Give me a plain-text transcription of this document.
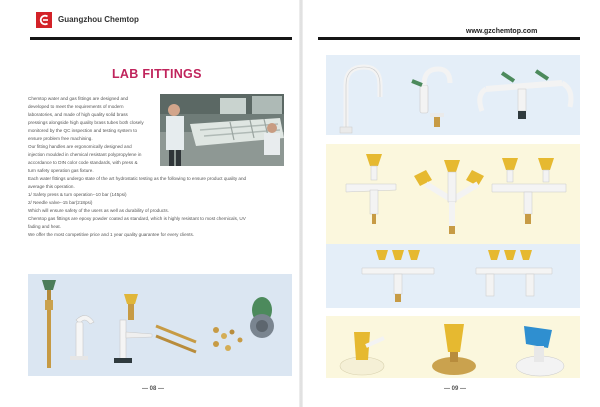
Guangzhou Chemtop
www.gzchemtop.com
LAB FITTINGS
Chemtop water and gas fittings are designed and
developed to meet the requirements of modern
laboratories, and made of high quality solid brass
pressings alongside high quality brass tubes both closely
monitored by the QC inspection and testing system to
ensure problem free machining.
Our fitting handles are ergonomically designed and
injection moulded in chemical resistant polypropylene in
accordance to DIN color code standards, with press &
turn safety operation gas fixture.
Each water fittings undergo state of the art hydrostatic testing as the following to ensure product quality and
average this operation.
1/ Safety press & turn operation--10 bar (145psi)
2/ Needle valve--15 bar(218psi)
Which will ensure safety of the users as well as durability of products.
Chemtop gas fittings are epoxy powder coated as standard, which is highly resistant to most chemicals, UV
fading and heat.
We offer the most competitive price and 1 year quality guarantee for every clients.
— 08 —	— 09 —
